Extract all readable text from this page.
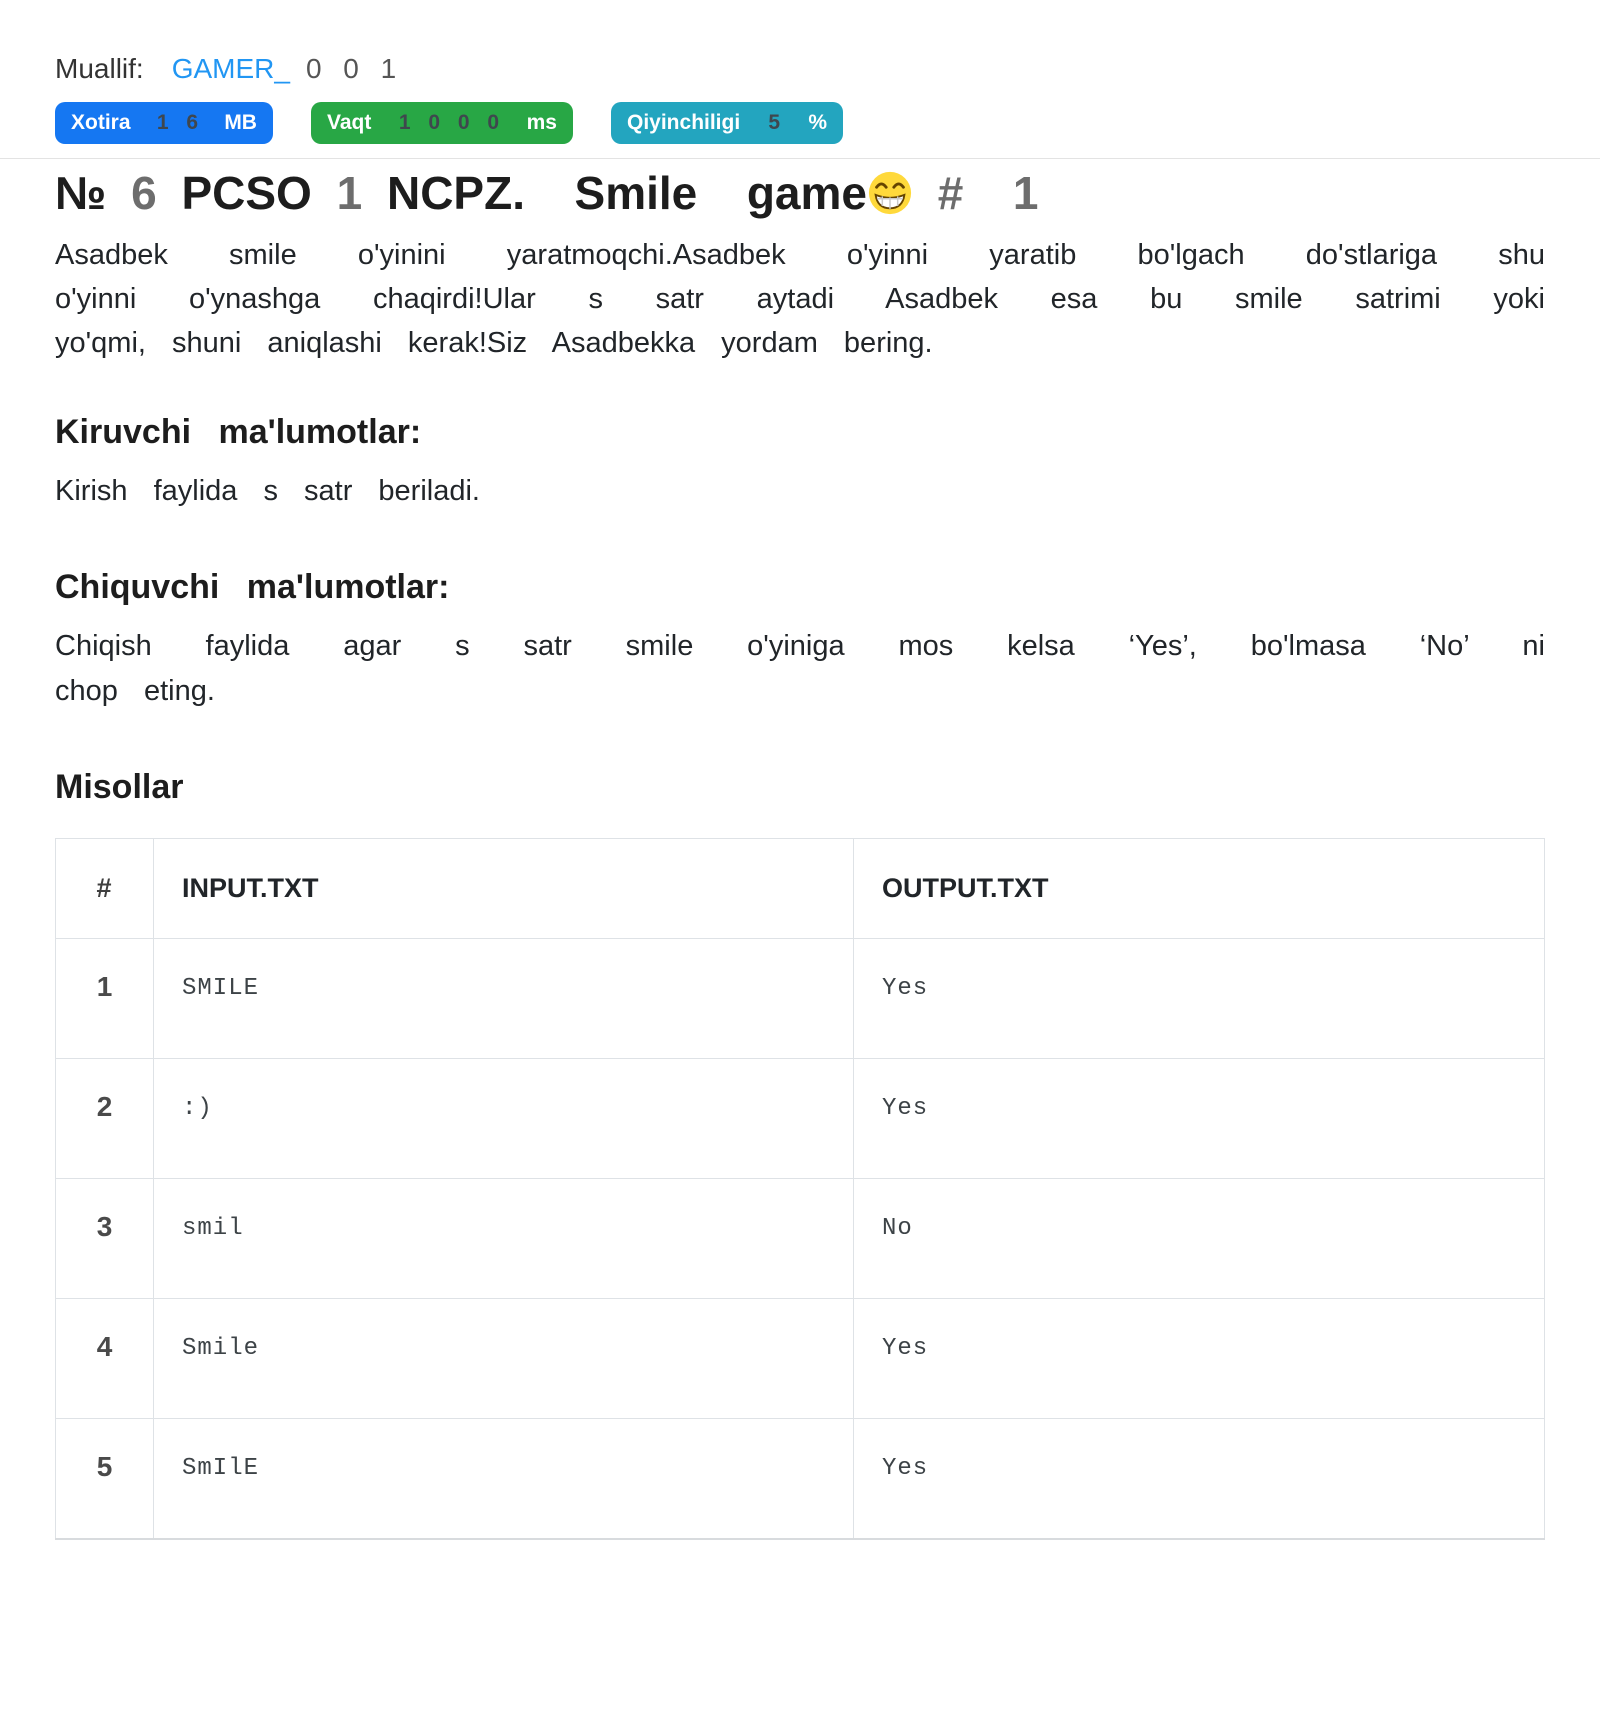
Muallif: GAMER_ 0 0 1
Xotira 1 6 MB	Vaqt 1 0 0 0 ms	Qiyinchiligi 5 %
№ 6 PCSO 1 NCPZ.  Smile  game # 1
Asadbek smile o'yinini yaratmoqchi.Asadbek o'yinni yaratib bo'lgach do'stlariga shu
o'yinni o'ynashga chaqirdi!Ular s satr aytadi Asadbek esa bu smile satrimi yoki
yo'qmi, shuni aniqlashi kerak!Siz Asadbekka yordam bering.
Kiruvchi ma'lumotlar:
Kirish faylida s satr beriladi.
Chiquvchi ma'lumotlar:
Chiqish faylida agar s satr smile o'yiniga mos kelsa ‘Yes’, bo'lmasa ‘No’ ni
chop eting.
Misollar
#	INPUT.TXT	OUTPUT.TXT
1	SMILE	Yes
2	:)	Yes
3	smil	No
4	Smile	Yes
5	SmIlE	Yes
